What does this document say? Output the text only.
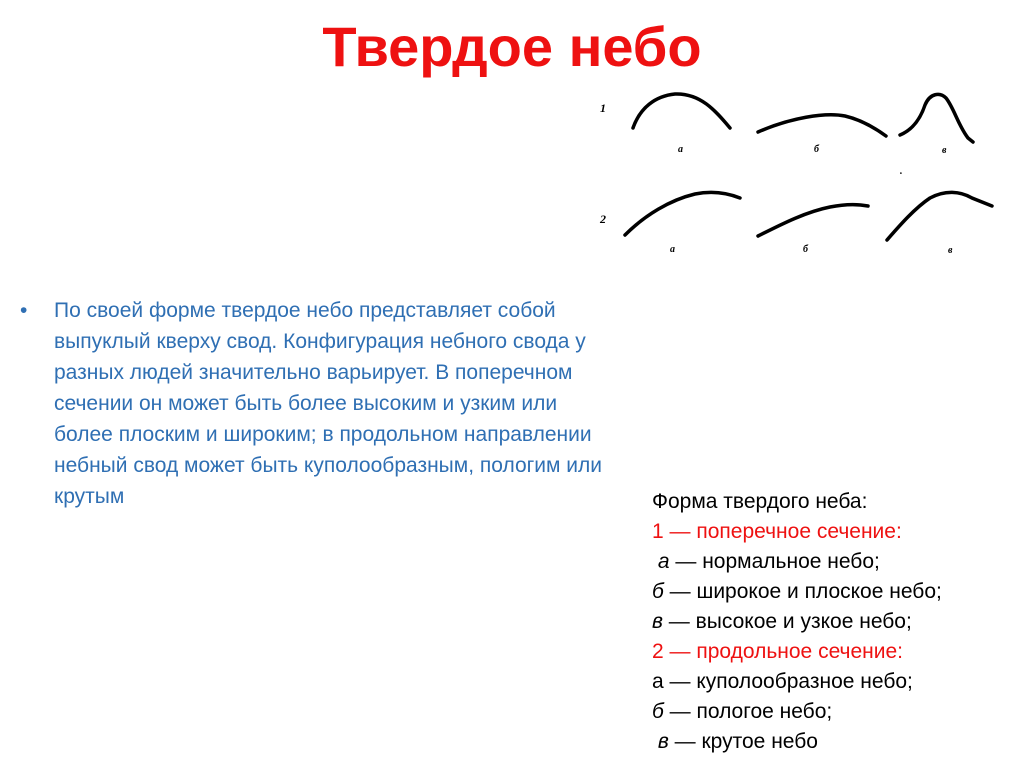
Твердое небо
1
2
а	б	в
.
а	б	в
• По своей форме твердое небо представляет собой выпуклый кверху свод. Конфигурация небного свода у разных людей значительно варьирует. В поперечном сечении он может быть более высоким и узким или более плоским и широким; в продольном направлении небный свод может быть куполообразным, пологим или крутым	Форма твердого неба:
1 — поперечное сечение:
а — нормальное небо;
б — широкое и плоское небо;
в — высокое и узкое небо;
2 — продольное сечение:
а — куполообразное небо;
б — пологое небо;
в — крутое небо
